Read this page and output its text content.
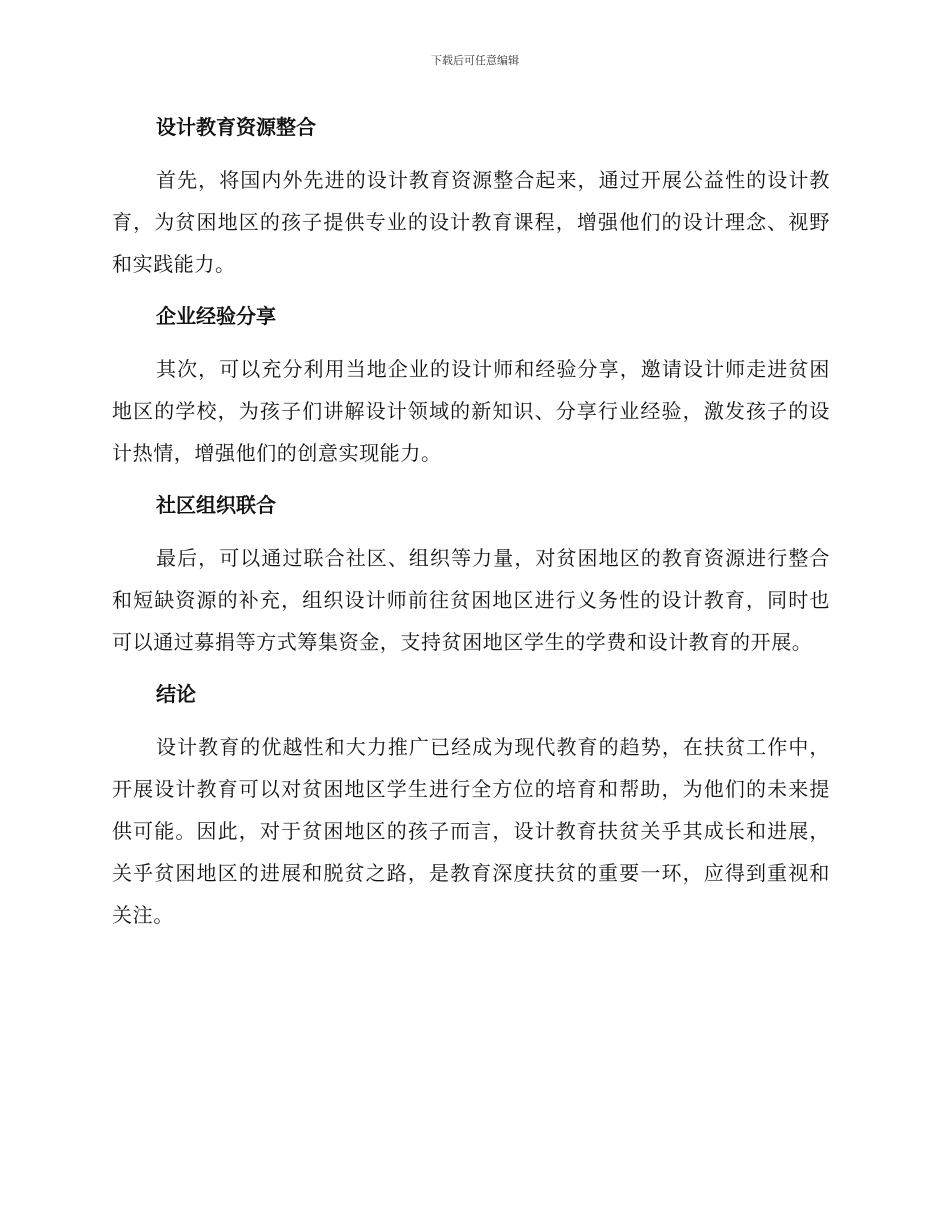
下载后可任意编辑
设计教育资源整合

首先，将国内外先进的设计教育资源整合起来，通过开展公益性的设计教育，为贫困地区的孩子提供专业的设计教育课程，增强他们的设计理念、视野和实践能力。

企业经验分享

其次，可以充分利用当地企业的设计师和经验分享，邀请设计师走进贫困地区的学校，为孩子们讲解设计领域的新知识、分享行业经验，激发孩子的设计热情，增强他们的创意实现能力。

社区组织联合

最后，可以通过联合社区、组织等力量，对贫困地区的教育资源进行整合和短缺资源的补充，组织设计师前往贫困地区进行义务性的设计教育，同时也可以通过募捐等方式筹集资金，支持贫困地区学生的学费和设计教育的开展。

结论

设计教育的优越性和大力推广已经成为现代教育的趋势，在扶贫工作中，开展设计教育可以对贫困地区学生进行全方位的培育和帮助，为他们的未来提供可能。因此，对于贫困地区的孩子而言，设计教育扶贫关乎其成长和进展，关乎贫困地区的进展和脱贫之路，是教育深度扶贫的重要一环，应得到重视和关注。
